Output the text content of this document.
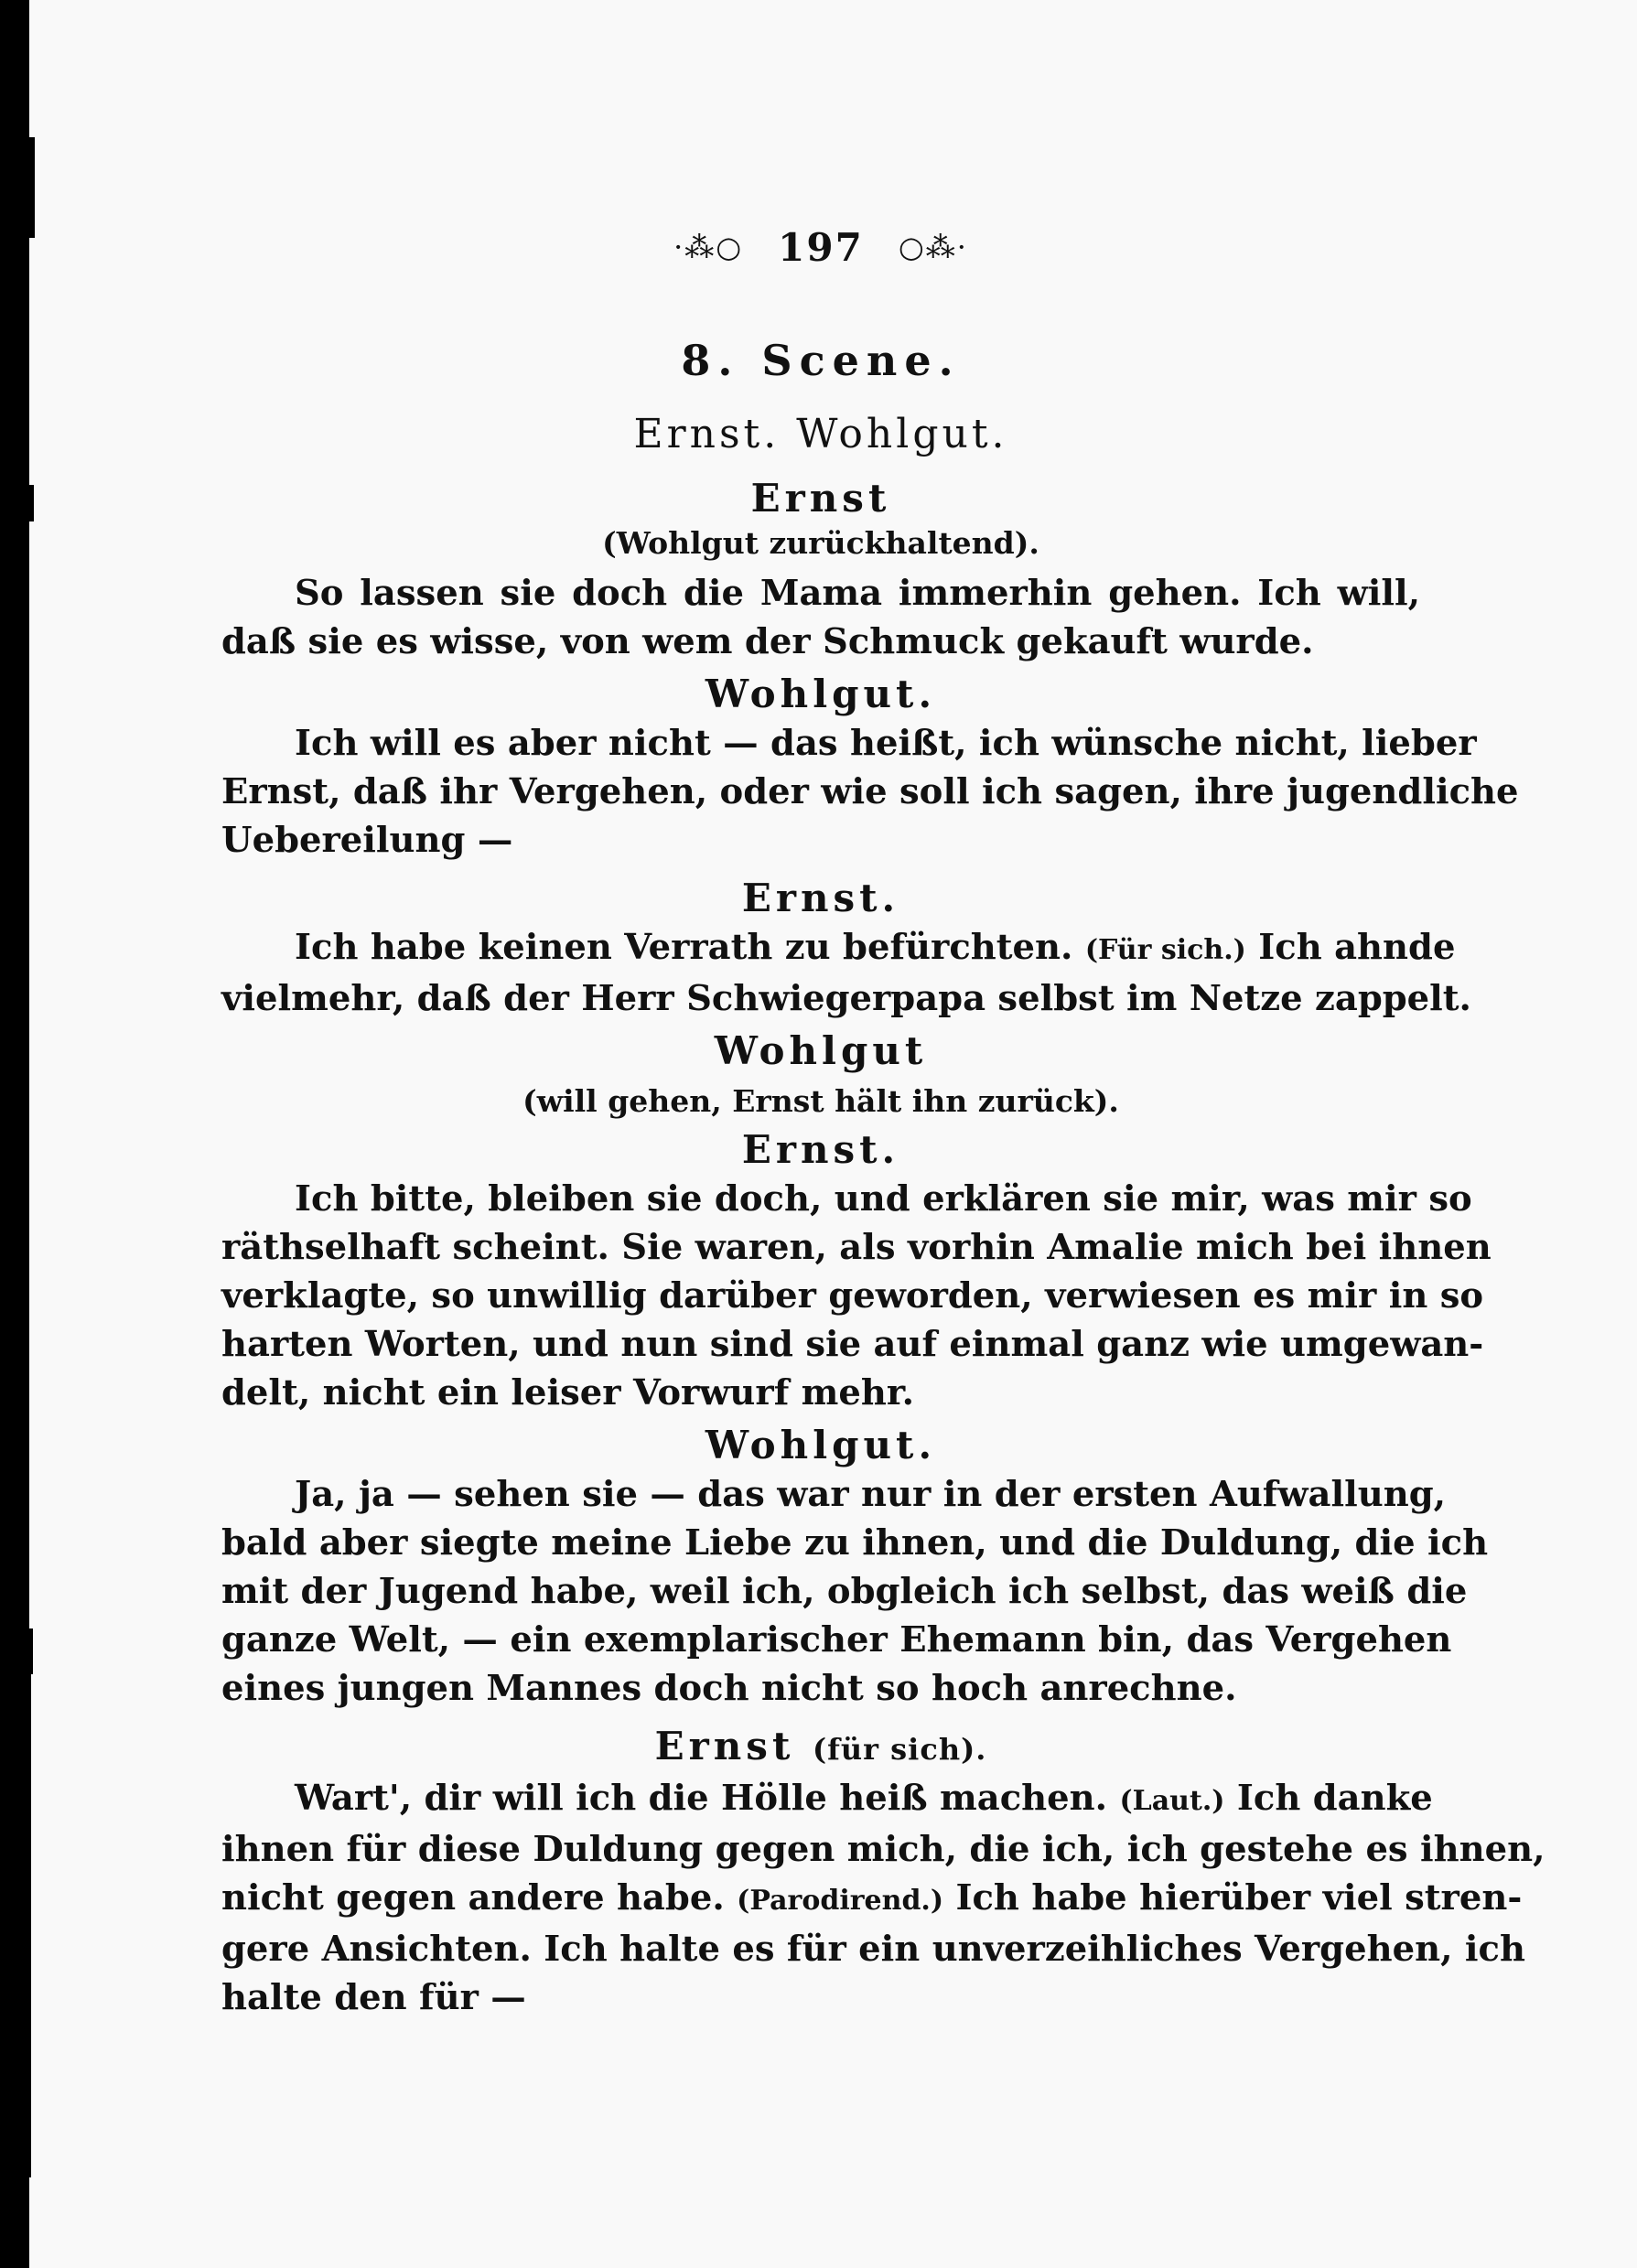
·⁂○ 197 ○⁂·
8. Scene.
Ernst. Wohlgut.
Ernst
(Wohlgut zurückhaltend).
So lassen sie doch die Mama immerhin gehen. Ich will,
daß sie es wisse, von wem der Schmuck gekauft wurde.
Wohlgut.
Ich will es aber nicht — das heißt, ich wünsche nicht, lieber
Ernst, daß ihr Vergehen, oder wie soll ich sagen, ihre jugendliche
Uebereilung —
Ernst.
Ich habe keinen Verrath zu befürchten. (Für sich.) Ich ahnde
vielmehr, daß der Herr Schwiegerpapa selbst im Netze zappelt.
Wohlgut
(will gehen, Ernst hält ihn zurück).
Ernst.
Ich bitte, bleiben sie doch, und erklären sie mir, was mir so
räthselhaft scheint. Sie waren, als vorhin Amalie mich bei ihnen
verklagte, so unwillig darüber geworden, verwiesen es mir in so
harten Worten, und nun sind sie auf einmal ganz wie umgewan-
delt, nicht ein leiser Vorwurf mehr.
Wohlgut.
Ja, ja — sehen sie — das war nur in der ersten Aufwallung,
bald aber siegte meine Liebe zu ihnen, und die Duldung, die ich
mit der Jugend habe, weil ich, obgleich ich selbst, das weiß die
ganze Welt, — ein exemplarischer Ehemann bin, das Vergehen
eines jungen Mannes doch nicht so hoch anrechne.
Ernst (für sich).
Wart', dir will ich die Hölle heiß machen. (Laut.) Ich danke
ihnen für diese Duldung gegen mich, die ich, ich gestehe es ihnen,
nicht gegen andere habe. (Parodirend.) Ich habe hierüber viel stren-
gere Ansichten. Ich halte es für ein unverzeihliches Vergehen, ich
halte den für —
